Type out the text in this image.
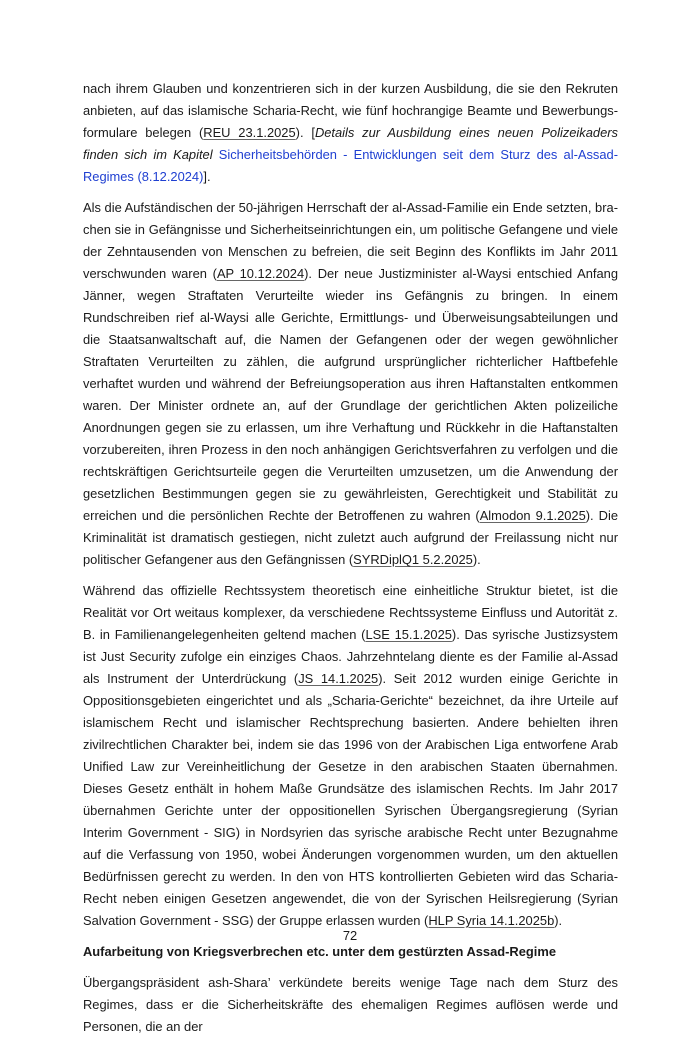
nach ihrem Glauben und konzentrieren sich in der kurzen Ausbildung, die sie den Rekruten anbieten, auf das islamische Scharia-Recht, wie fünf hochrangige Beamte und Bewerbungsformulare belegen (REU 23.1.2025). [Details zur Ausbildung eines neuen Polizeikaders finden sich im Kapitel Sicherheitsbehörden - Entwicklungen seit dem Sturz des al-Assad-Regimes (8.12.2024)].

Als die Aufständischen der 50-jährigen Herrschaft der al-Assad-Familie ein Ende setzten, brachen sie in Gefängnisse und Sicherheitseinrichtungen ein, um politische Gefangene und viele der Zehntausenden von Menschen zu befreien, die seit Beginn des Konflikts im Jahr 2011 verschwunden waren (AP 10.12.2024). Der neue Justizminister al-Waysi entschied Anfang Jänner, wegen Straftaten Verurteilte wieder ins Gefängnis zu bringen. In einem Rundschreiben rief al-Waysi alle Gerichte, Ermittlungs- und Überweisungsabteilungen und die Staatsanwaltschaft auf, die Namen der Gefangenen oder der wegen gewöhnlicher Straftaten Verurteilten zu zählen, die aufgrund ursprünglicher richterlicher Haftbefehle verhaftet wurden und während der Befreiungsoperation aus ihren Haftanstalten entkommen waren. Der Minister ordnete an, auf der Grundlage der gerichtlichen Akten polizeiliche Anordnungen gegen sie zu erlassen, um ihre Verhaftung und Rückkehr in die Haftanstalten vorzubereiten, ihren Prozess in den noch anhängigen Gerichtsverfahren zu verfolgen und die rechtskräftigen Gerichtsurteile gegen die Verurteilten umzusetzen, um die Anwendung der gesetzlichen Bestimmungen gegen sie zu gewährleisten, Gerechtigkeit und Stabilität zu erreichen und die persönlichen Rechte der Betroffenen zu wahren (Almodon 9.1.2025). Die Kriminalität ist dramatisch gestiegen, nicht zuletzt auch aufgrund der Freilassung nicht nur politischer Gefangener aus den Gefängnissen (SYRDiplQ1 5.2.2025).

Während das offizielle Rechtssystem theoretisch eine einheitliche Struktur bietet, ist die Realität vor Ort weitaus komplexer, da verschiedene Rechtssysteme Einfluss und Autorität z. B. in Familienangelegenheiten geltend machen (LSE 15.1.2025). Das syrische Justizsystem ist Just Security zufolge ein einziges Chaos. Jahrzehntelang diente es der Familie al-Assad als Instrument der Unterdrückung (JS 14.1.2025). Seit 2012 wurden einige Gerichte in Oppositionsgebieten eingerichtet und als „Scharia-Gerichte“ bezeichnet, da ihre Urteile auf islamischem Recht und islamischer Rechtsprechung basierten. Andere behielten ihren zivilrechtlichen Charakter bei, indem sie das 1996 von der Arabischen Liga entworfene Arab Unified Law zur Vereinheitlichung der Gesetze in den arabischen Staaten übernahmen. Dieses Gesetz enthält in hohem Maße Grundsätze des islamischen Rechts. Im Jahr 2017 übernahmen Gerichte unter der oppositionellen Syrischen Übergangsregierung (Syrian Interim Government - SIG) in Nordsyrien das syrische arabische Recht unter Bezugnahme auf die Verfassung von 1950, wobei Änderungen vorgenommen wurden, um den aktuellen Bedürfnissen gerecht zu werden. In den von HTS kontrollierten Gebieten wird das Scharia-Recht neben einigen Gesetzen angewendet, die von der Syrischen Heilsregierung (Syrian Salvation Government - SSG) der Gruppe erlassen wurden (HLP Syria 14.1.2025b).

Aufarbeitung von Kriegsverbrechen etc. unter dem gestürzten Assad-Regime

Übergangspräsident ash-Shara’ verkündete bereits wenige Tage nach dem Sturz des Regimes, dass er die Sicherheitskräfte des ehemaligen Regimes auflösen werde und Personen, die an der

72
